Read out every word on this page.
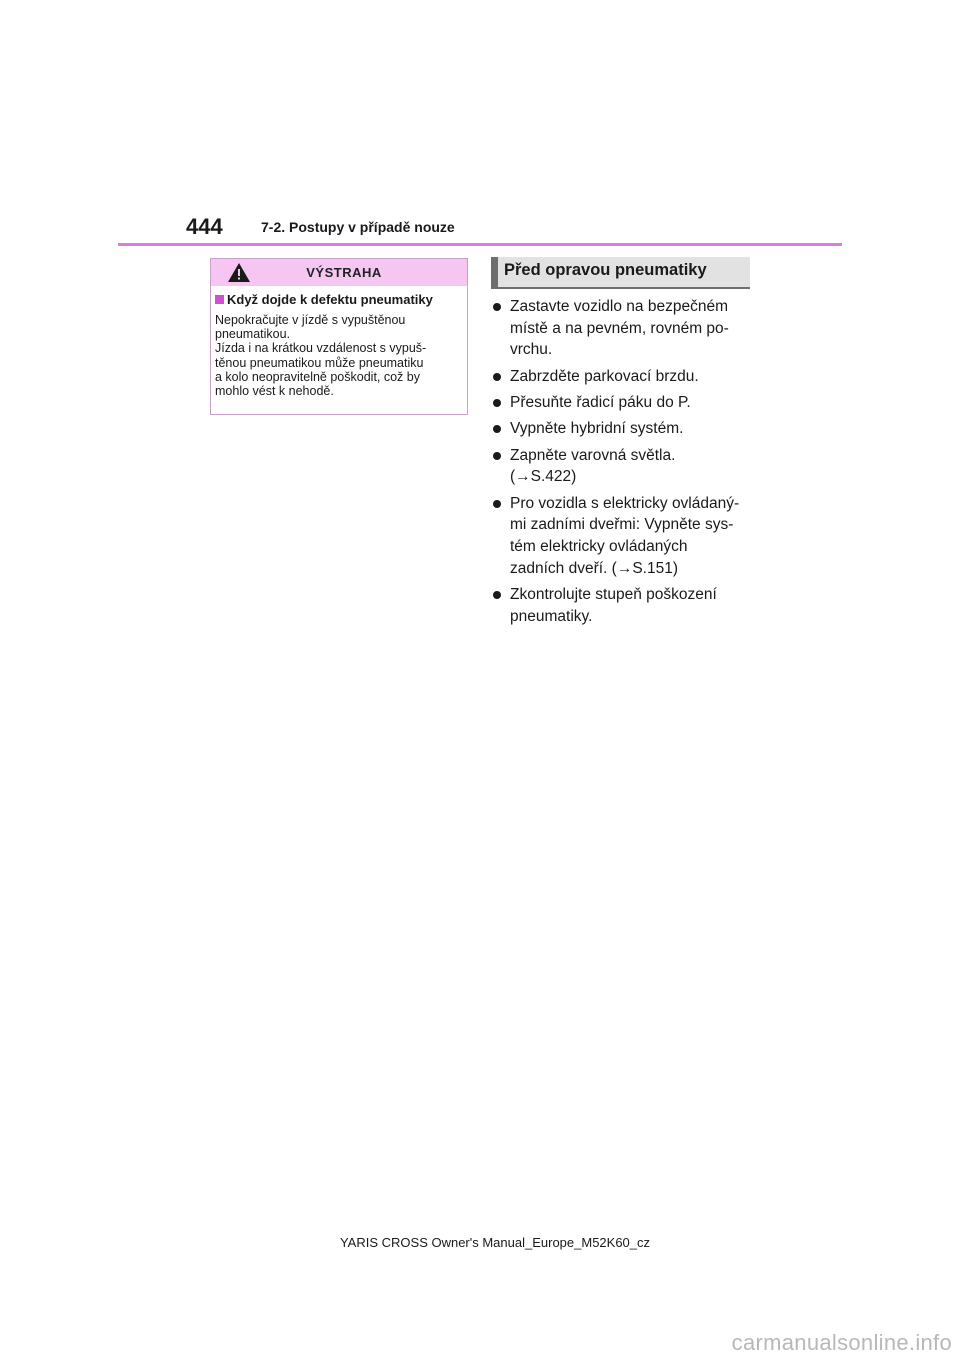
444	7-2. Postupy v případě nouze
VÝSTRAHA
Když dojde k defektu pneumatiky

Nepokračujte v jízdě s vypuštěnou

pneumatikou.

Jízda i na krátkou vzdálenost s vypuš-

těnou pneumatikou může pneumatiku

a kolo neopravitelně poškodit, což by

mohlo vést k nehodě.

Před opravou pneumatiky
Zastavte vozidlo na bezpečném
místě a na pevném, rovném po-
vrchu.
Zabrzděte parkovací brzdu.
Přesuňte řadicí páku do P.
Vypněte hybridní systém.
Zapněte varovná světla.
(→S.422)
Pro vozidla s elektricky ovládaný-
mi zadními dveřmi: Vypněte sys-
tém elektricky ovládaných
zadních dveří. (→S.151)
Zkontrolujte stupeň poškození
pneumatiky.
YARIS CROSS Owner's Manual_Europe_M52K60_cz
carmanualsonline.info
